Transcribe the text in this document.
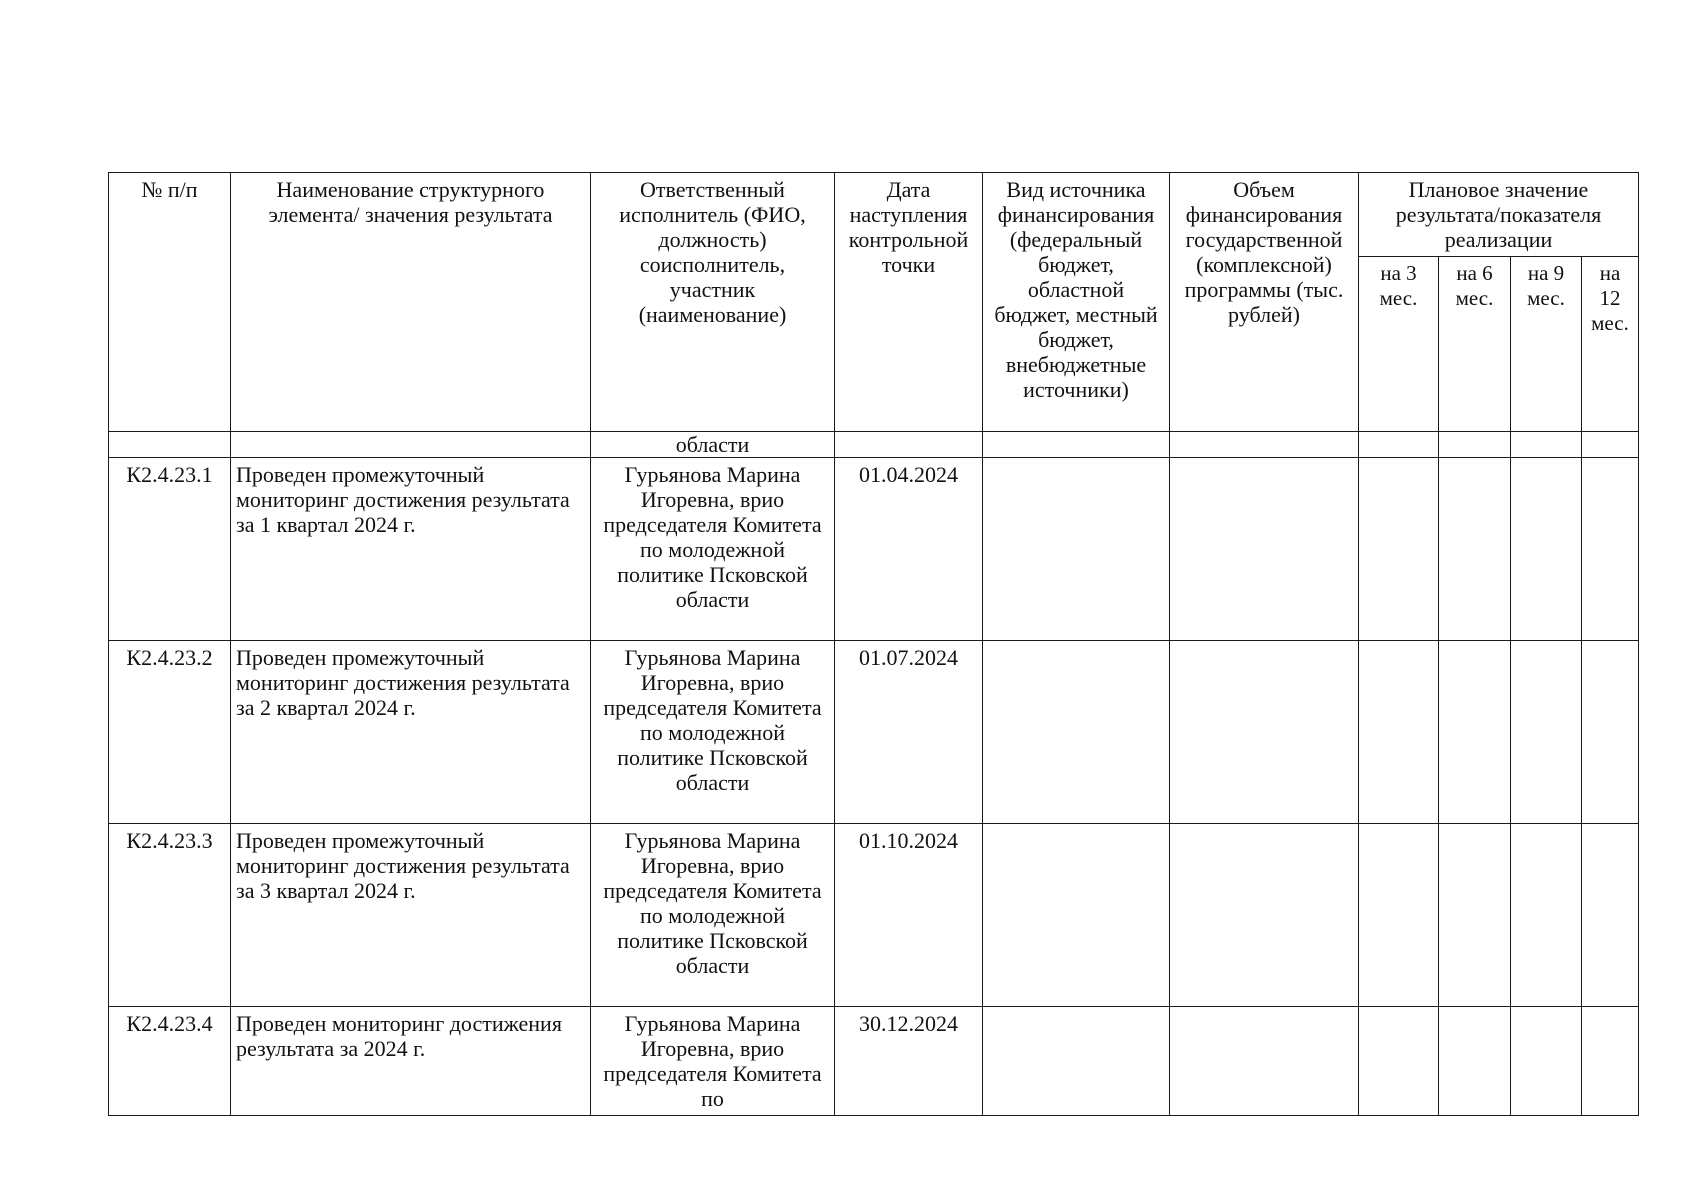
№ п/п	Наименование структурного элемента/ значения результата	Ответственный исполнитель (ФИО, должность) соисполнитель, участник (наименование)	Дата наступления контрольной точки	Вид источника финансирования (федеральный бюджет, областной бюджет, местный бюджет, внебюджетные источники)	Объем финансирования государственной (комплексной) программы (тыс. рублей)	Плановое значение результата/показателя реализации			
						на 3 мес.	на 6 мес.	на 9 мес.	на 12 мес.
		области							
К2.4.23.1	Проведен промежуточный мониторинг достижения результата за 1 квартал 2024 г.	Гурьянова Марина Игоревна, врио председателя Комитета по молодежной политике Псковской области	01.04.2024						
К2.4.23.2	Проведен промежуточный мониторинг достижения результата за 2 квартал 2024 г.	Гурьянова Марина Игоревна, врио председателя Комитета по молодежной политике Псковской области	01.07.2024						
К2.4.23.3	Проведен промежуточный мониторинг достижения результата за 3 квартал 2024 г.	Гурьянова Марина Игоревна, врио председателя Комитета по молодежной политике Псковской области	01.10.2024						
К2.4.23.4	Проведен мониторинг достижения результата за 2024 г.	Гурьянова Марина Игоревна, врио председателя Комитета по	30.12.2024						
